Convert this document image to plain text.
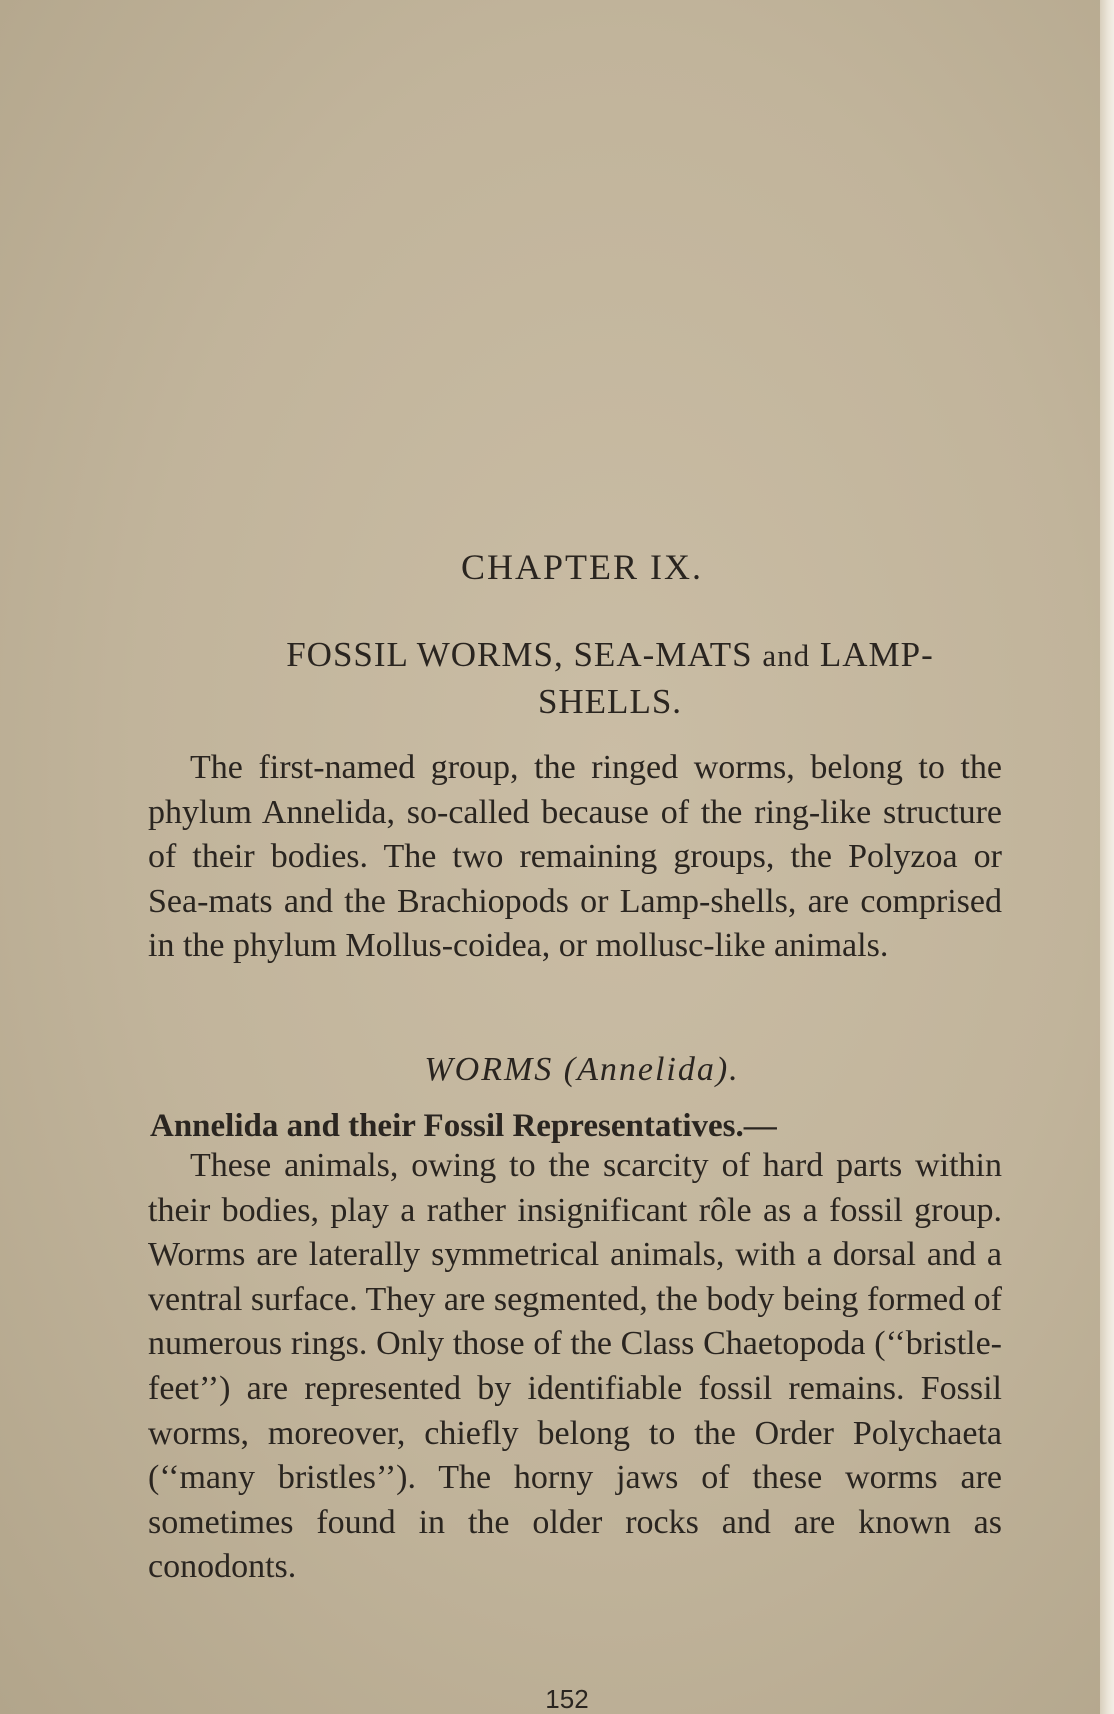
CHAPTER IX.
FOSSIL WORMS, SEA-MATS and LAMP-SHELLS.

The first-named group, the ringed worms, belong to the phylum Annelida, so-called because of the ring-like structure of their bodies. The two remaining groups, the Polyzoa or Sea-mats and the Brachiopods or Lamp-shells, are comprised in the phylum Mollus-coidea, or mollusc-like animals.

WORMS (Annelida).
Annelida and their Fossil Representatives.—

These animals, owing to the scarcity of hard parts within their bodies, play a rather insignificant rôle as a fossil group. Worms are laterally symmetrical animals, with a dorsal and a ventral surface. They are segmented, the body being formed of numerous rings. Only those of the Class Chaetopoda (‘‘bristle-feet’’) are represented by identifiable fossil remains. Fossil worms, moreover, chiefly belong to the Order Polychaeta (‘‘many bristles’’). The horny jaws of these worms are sometimes found in the older rocks and are known as conodonts.

152
